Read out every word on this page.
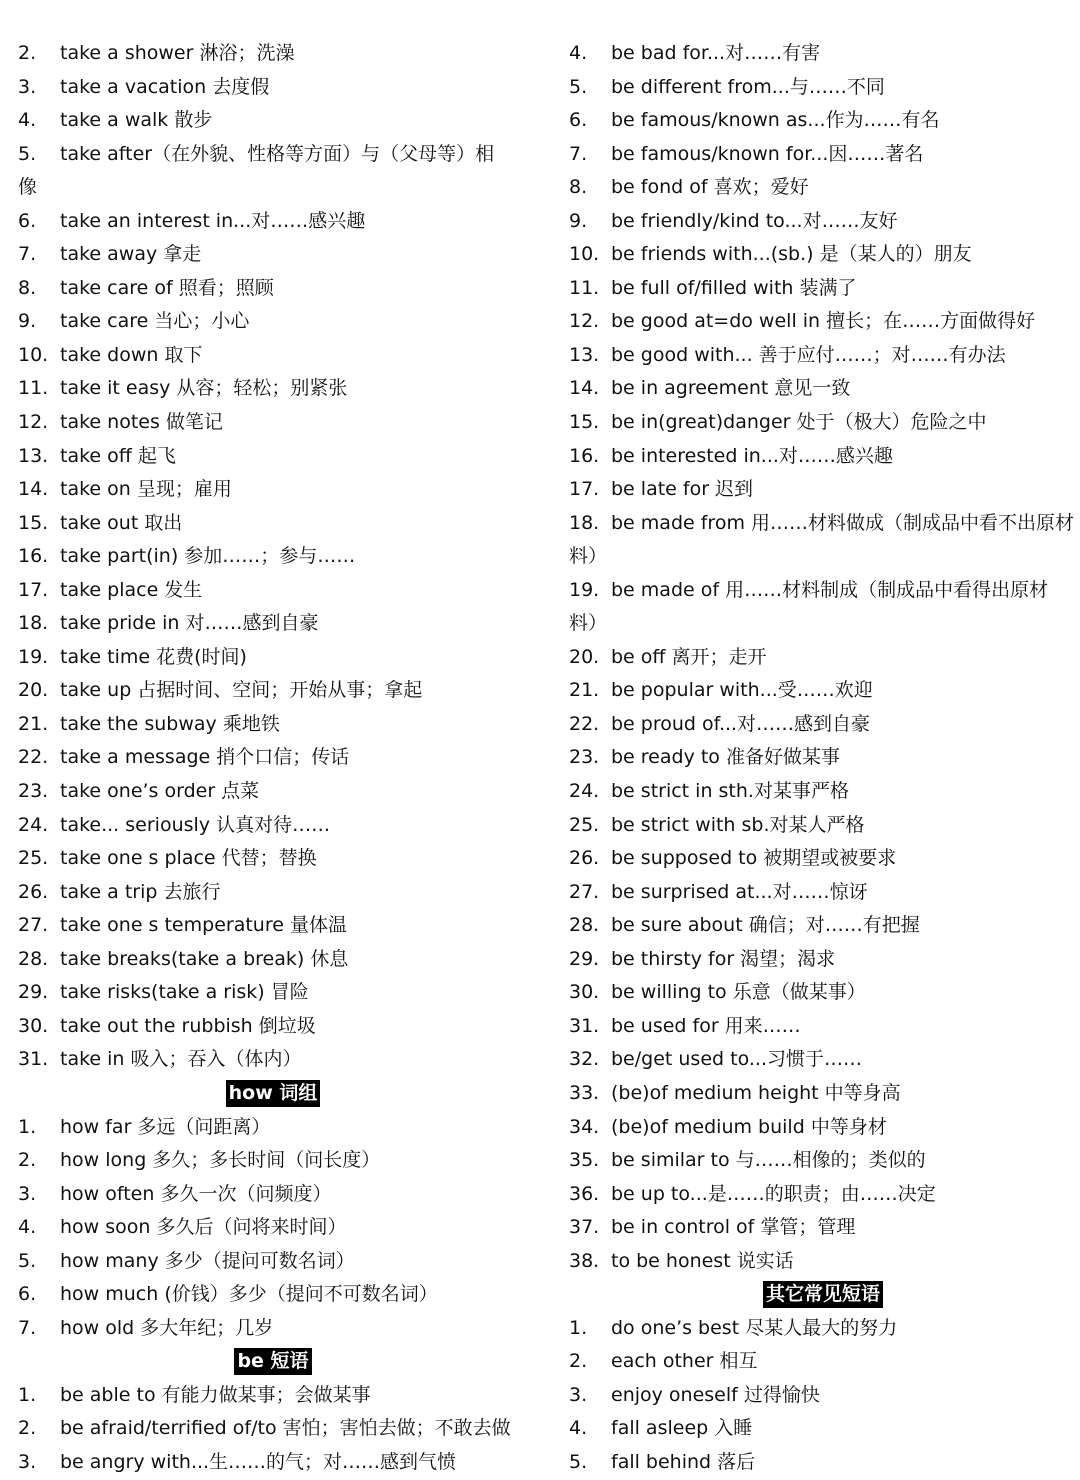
2. take a shower 淋浴；洗澡
3. take a vacation 去度假
4. take a walk 散步
5. take after（在外貌、性格等方面）与（父母等）相
像
6. take an interest in...对……感兴趣
7. take away 拿走
8. take care of 照看；照顾
9. take care 当心；小心
10. take down 取下
11. take it easy 从容；轻松；别紧张
12. take notes 做笔记
13. take off 起飞
14. take on 呈现；雇用
15. take out 取出
16. take part(in) 参加……；参与……
17. take place 发生
18. take pride in 对……感到自豪
19. take time 花费(时间)
20. take up 占据时间、空间；开始从事；拿起
21. take the subway 乘地铁
22. take a message 捎个口信；传话
23. take one’s order 点菜
24. take... seriously 认真对待……
25. take one s place 代替；替换
26. take a trip 去旅行
27. take one s temperature 量体温
28. take breaks(take a break) 休息
29. take risks(take a risk) 冒险
30. take out the rubbish 倒垃圾
31. take in 吸入；吞入（体内）
how 词组
1. how far 多远（问距离）
2. how long 多久；多长时间（问长度）
3. how often 多久一次（问频度）
4. how soon 多久后（问将来时间）
5. how many 多少（提问可数名词）
6. how much (价钱）多少（提问不可数名词）
7. how old 多大年纪；几岁
be 短语
1. be able to 有能力做某事；会做某事
2. be afraid/terrified of/to 害怕；害怕去做；不敢去做
3. be angry with...生……的气；对……感到气愤
4. be bad for...对……有害
5. be different from...与……不同
6. be famous/known as...作为……有名
7. be famous/known for...因……著名
8. be fond of 喜欢；爱好
9. be friendly/kind to...对……友好
10. be friends with...(sb.) 是（某人的）朋友
11. be full of/filled with 装满了
12. be good at=do well in 擅长；在……方面做得好
13. be good with... 善于应付……；对……有办法
14. be in agreement 意见一致
15. be in(great)danger 处于（极大）危险之中
16. be interested in...对……感兴趣
17. be late for 迟到
18. be made from 用……材料做成（制成品中看不出原材
料）
19. be made of 用……材料制成（制成品中看得出原材
料）
20. be off 离开；走开
21. be popular with...受……欢迎
22. be proud of...对……感到自豪
23. be ready to 准备好做某事
24. be strict in sth.对某事严格
25. be strict with sb.对某人严格
26. be supposed to 被期望或被要求
27. be surprised at...对……惊讶
28. be sure about 确信；对……有把握
29. be thirsty for 渴望；渴求
30. be willing to 乐意（做某事）
31. be used for 用来……
32. be/get used to...习惯于……
33. (be)of medium height 中等身高
34. (be)of medium build 中等身材
35. be similar to 与……相像的；类似的
36. be up to...是……的职责；由……决定
37. be in control of 掌管；管理
38. to be honest 说实话
其它常见短语
1. do one’s best 尽某人最大的努力
2. each other 相互
3. enjoy oneself 过得愉快
4. fall asleep 入睡
5. fall behind 落后
